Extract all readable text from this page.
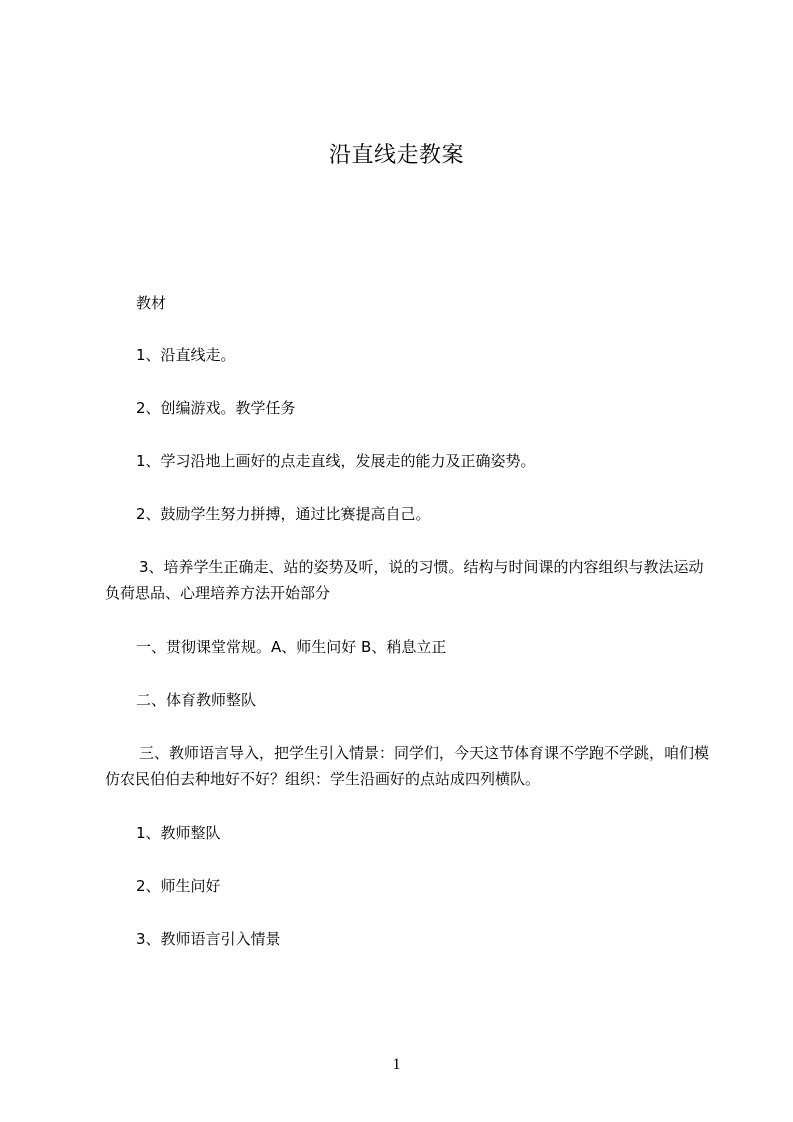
沿直线走教案

教材

1、沿直线走。

2、创编游戏。教学任务

1、学习沿地上画好的点走直线，发展走的能力及正确姿势。

2、鼓励学生努力拼搏，通过比赛提高自己。

3、培养学生正确走、站的姿势及听，说的习惯。结构与时间课的内容组织与教法运动负荷思品、心理培养方法开始部分

一、贯彻课堂常规。A、师生问好 B、稍息立正

二、体育教师整队

三、教师语言导入，把学生引入情景：同学们，今天这节体育课不学跑不学跳，咱们模仿农民伯伯去种地好不好？组织：学生沿画好的点站成四列横队。

1、教师整队

2、师生问好

3、教师语言引入情景

1
